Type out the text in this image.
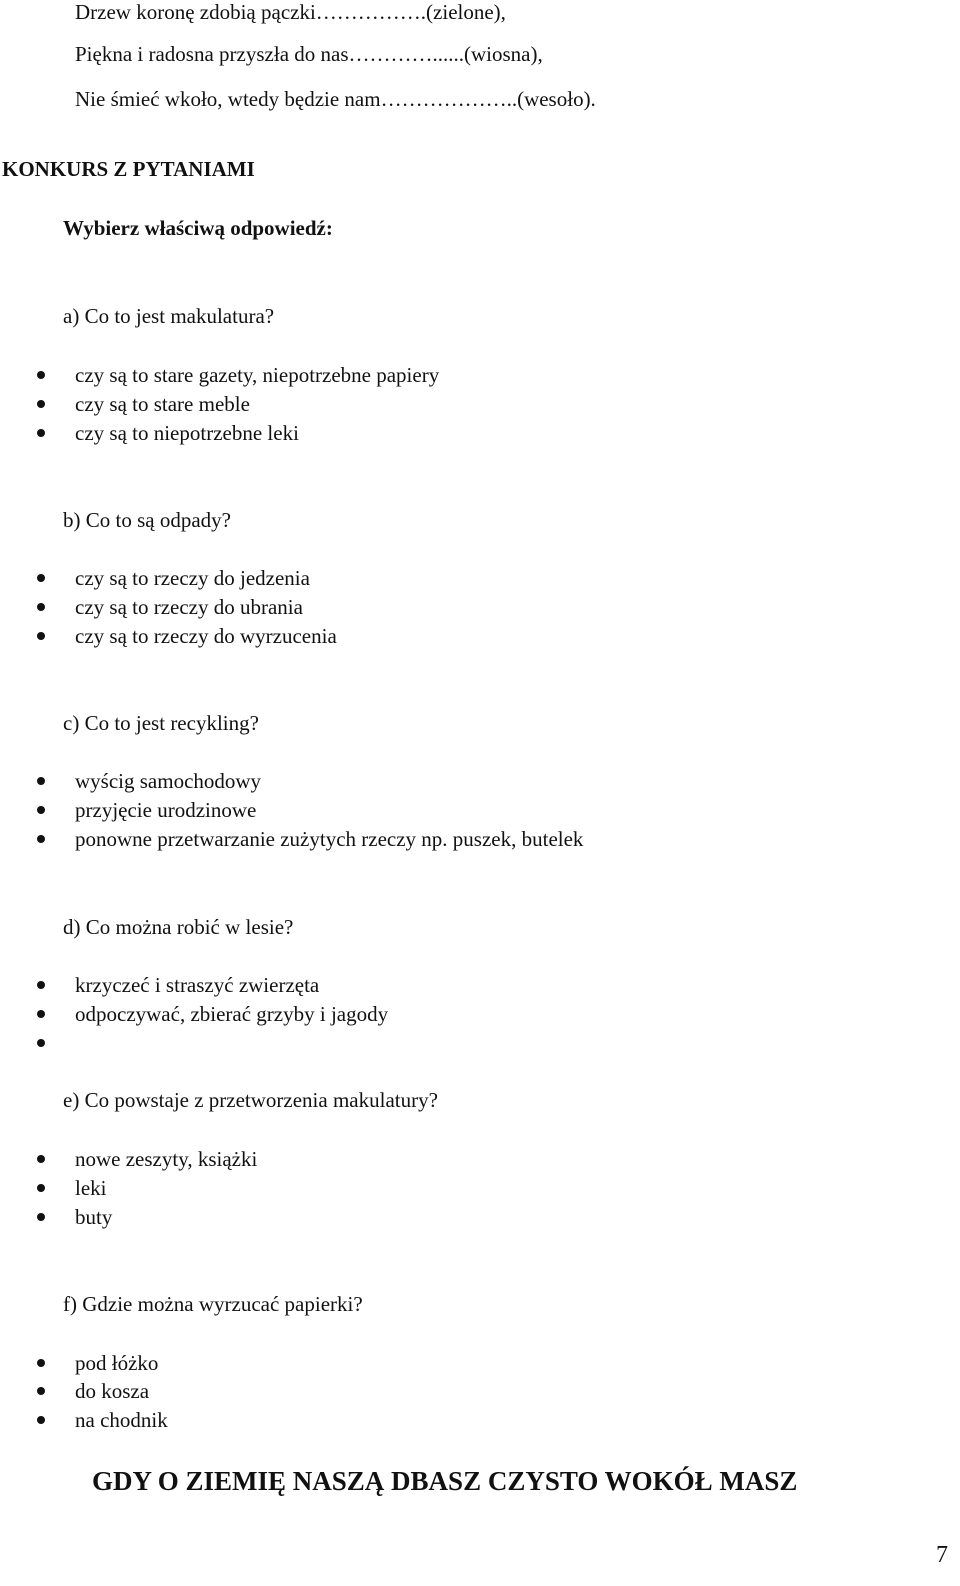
Drzew koronę zdobią pączki…………….(zielone),
Piękna i radosna przyszła do nas…………......(wiosna),
Nie śmieć wkoło, wtedy będzie nam………………..(wesoło).
KONKURS Z PYTANIAMI
Wybierz właściwą odpowiedź:
a) Co to jest makulatura?
czy są to stare gazety, niepotrzebne papiery
czy są to stare meble
czy są to niepotrzebne leki
b) Co to są odpady?
czy są to rzeczy do jedzenia
czy są to rzeczy do ubrania
czy są to rzeczy do wyrzucenia
c) Co to jest recykling?
wyścig samochodowy
przyjęcie urodzinowe
ponowne przetwarzanie zużytych rzeczy np. puszek, butelek
d) Co można robić w lesie?
krzyczeć i straszyć zwierzęta
odpoczywać, zbierać grzyby i jagody
e) Co powstaje z przetworzenia makulatury?
nowe zeszyty, książki
leki
buty
f) Gdzie można wyrzucać papierki?
pod łóżko
do kosza
na chodnik
GDY O ZIEMIĘ NASZĄ DBASZ CZYSTO WOKÓŁ MASZ
7
